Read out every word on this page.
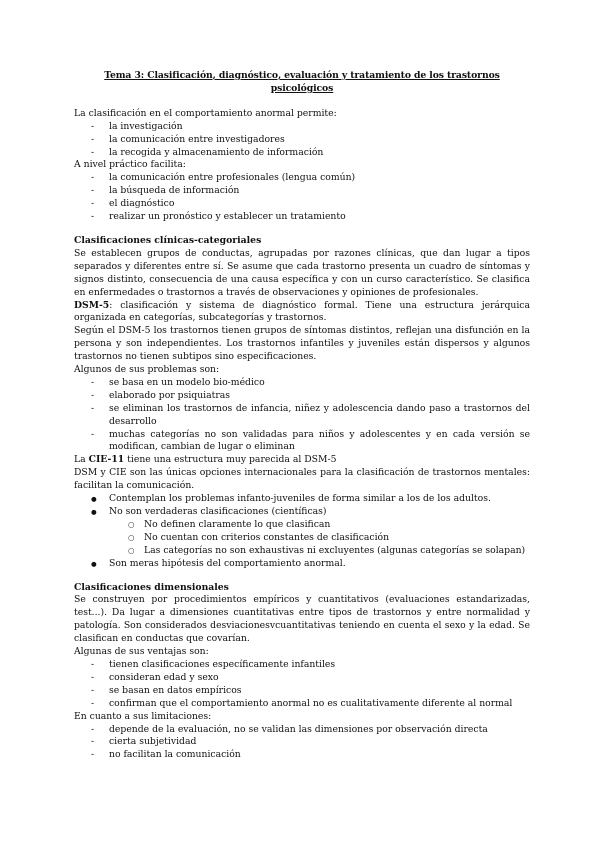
Tema 3: Clasificación, diagnóstico, evaluación y tratamiento de los trastornos psicológicos

La clasificación en el comportamiento anormal permite:

- la investigación
- la comunicación entre investigadores
- la recogida y almacenamiento de información

A nivel práctico facilita:

- la comunicación entre profesionales (lengua común)
- la búsqueda de información
- el diagnóstico
- realizar un pronóstico y establecer un tratamiento

Clasificaciones clínicas-categoriales

Se establecen grupos de conductas, agrupadas por razones clínicas, que dan lugar a tipos separados y diferentes entre sí. Se asume que cada trastorno presenta un cuadro de síntomas y signos distinto, consecuencia de una causa específica y con un curso característico. Se clasifica en enfermedades o trastornos a través de observaciones y opiniones de profesionales.

DSM-5: clasificación y sistema de diagnóstico formal. Tiene una estructura jerárquica organizada en categorías, subcategorías y trastornos.

Según el DSM-5 los trastornos tienen grupos de síntomas distintos, reflejan una disfunción en la persona y son independientes. Los trastornos infantiles y juveniles están dispersos y algunos trastornos no tienen subtipos sino especificaciones.

Algunos de sus problemas son:

- se basa en un modelo bio-médico
- elaborado por psiquiatras
- se eliminan los trastornos de infancia, niñez y adolescencia dando paso a trastornos del desarrollo
- muchas categorías no son validadas para niños y adolescentes y en cada versión se modifican, cambian de lugar o eliminan

La CIE-11 tiene una estructura muy parecida al DSM-5

DSM y CIE son las únicas opciones internacionales para la clasificación de trastornos mentales: facilitan la comunicación.

● Contemplan los problemas infanto-juveniles de forma similar a los de los adultos.
● No son verdaderas clasificaciones (científicas)
○ No definen claramente lo que clasifican
○ No cuentan con criterios constantes de clasificación
○ Las categorías no son exhaustivas ni excluyentes (algunas categorías se solapan)
● Son meras hipótesis del comportamiento anormal.

Clasificaciones dimensionales

Se construyen por procedimientos empíricos y cuantitativos (evaluaciones estandarizadas, test...). Da lugar a dimensiones cuantitativas entre tipos de trastornos y entre normalidad y patología. Son considerados desviacionesvcuantitativas teniendo en cuenta el sexo y la edad. Se clasifican en conductas que covarían.

Algunas de sus ventajas son:

- tienen clasificaciones específicamente infantiles
- consideran edad y sexo
- se basan en datos empíricos
- confirman que el comportamiento anormal no es cualitativamente diferente al normal

En cuanto a sus limitaciones:

- depende de la evaluación, no se validan las dimensiones por observación directa
- cierta subjetividad
- no facilitan la comunicación
